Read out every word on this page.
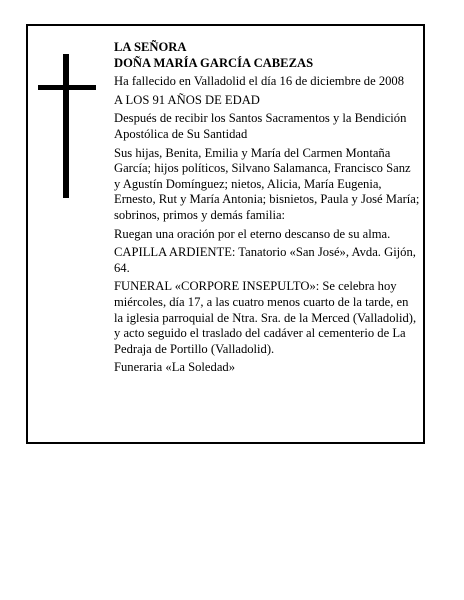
LA SEÑORA

DOÑA MARÍA GARCÍA CABEZAS

Ha fallecido en Valladolid el día 16 de diciembre de 2008

A LOS 91 AÑOS DE EDAD

Después de recibir los Santos Sacramentos y la Bendición Apostólica de Su Santidad

Sus hijas, Benita, Emilia y María del Carmen Montaña García; hijos políticos, Silvano Salamanca, Francisco Sanz y Agustín Domínguez; nietos, Alicia, María Eugenia, Ernesto, Rut y María Antonia; bisnietos, Paula y José María; sobrinos, primos y demás familia:

Ruegan una oración por el eterno descanso de su alma.

CAPILLA ARDIENTE: Tanatorio «San José», Avda. Gijón, 64.

FUNERAL «CORPORE INSEPULTO»: Se celebra hoy miércoles, día 17, a las cuatro menos cuarto de la tarde, en la iglesia parroquial de Ntra. Sra. de la Merced (Valladolid), y acto seguido el traslado del cadáver al cementerio de La Pedraja de Portillo (Valladolid).

Funeraria «La Soledad»
